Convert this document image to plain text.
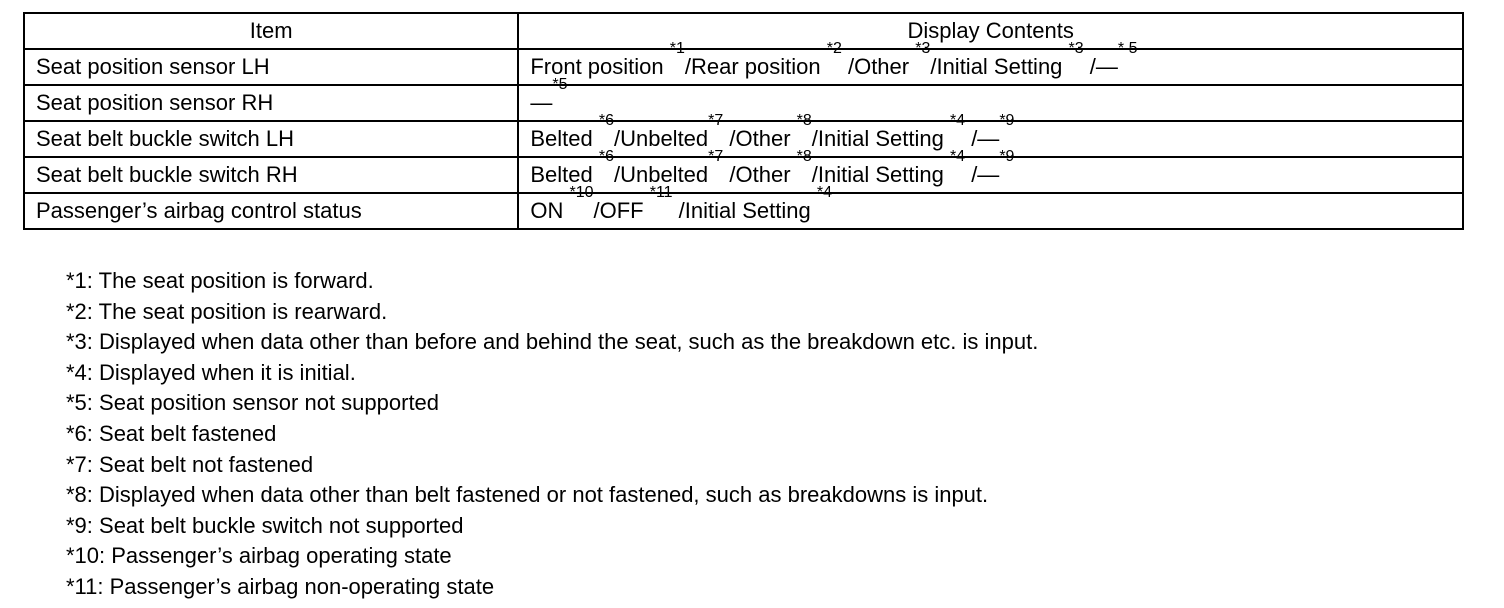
Item	Display Contents
Seat position sensor LH	Front position $^{*1}$/Rear position $^{*2}$ /Other $^{*3}$/Initial Setting $^{*3}$ /—$^{* 5}$
Seat position sensor RH	—$^{*5}$
Seat belt buckle switch LH	Belted $^{*6}$/Unbelted$^{*7}$ /Other $^{*8}$/Initial Setting $^{*4}$ /—$^{*9}$
Seat belt buckle switch RH	Belted $^{*6}$/Unbelted$^{*7}$ /Other $^{*8}$/Initial Setting $^{*4}$ /—$^{*9}$
Passenger’s airbag control status	ON $^{*10}$/OFF $^{*11}$ /Initial Setting $^{*4}$
*1: The seat position is forward.
*2: The seat position is rearward.
*3: Displayed when data other than before and behind the seat, such as the breakdown etc. is input.
*4: Displayed when it is initial.
*5: Seat position sensor not supported
*6: Seat belt fastened
*7: Seat belt not fastened
*8: Displayed when data other than belt fastened or not fastened, such as breakdowns is input.
*9: Seat belt buckle switch not supported
*10: Passenger’s airbag operating state
*11: Passenger’s airbag non-operating state
